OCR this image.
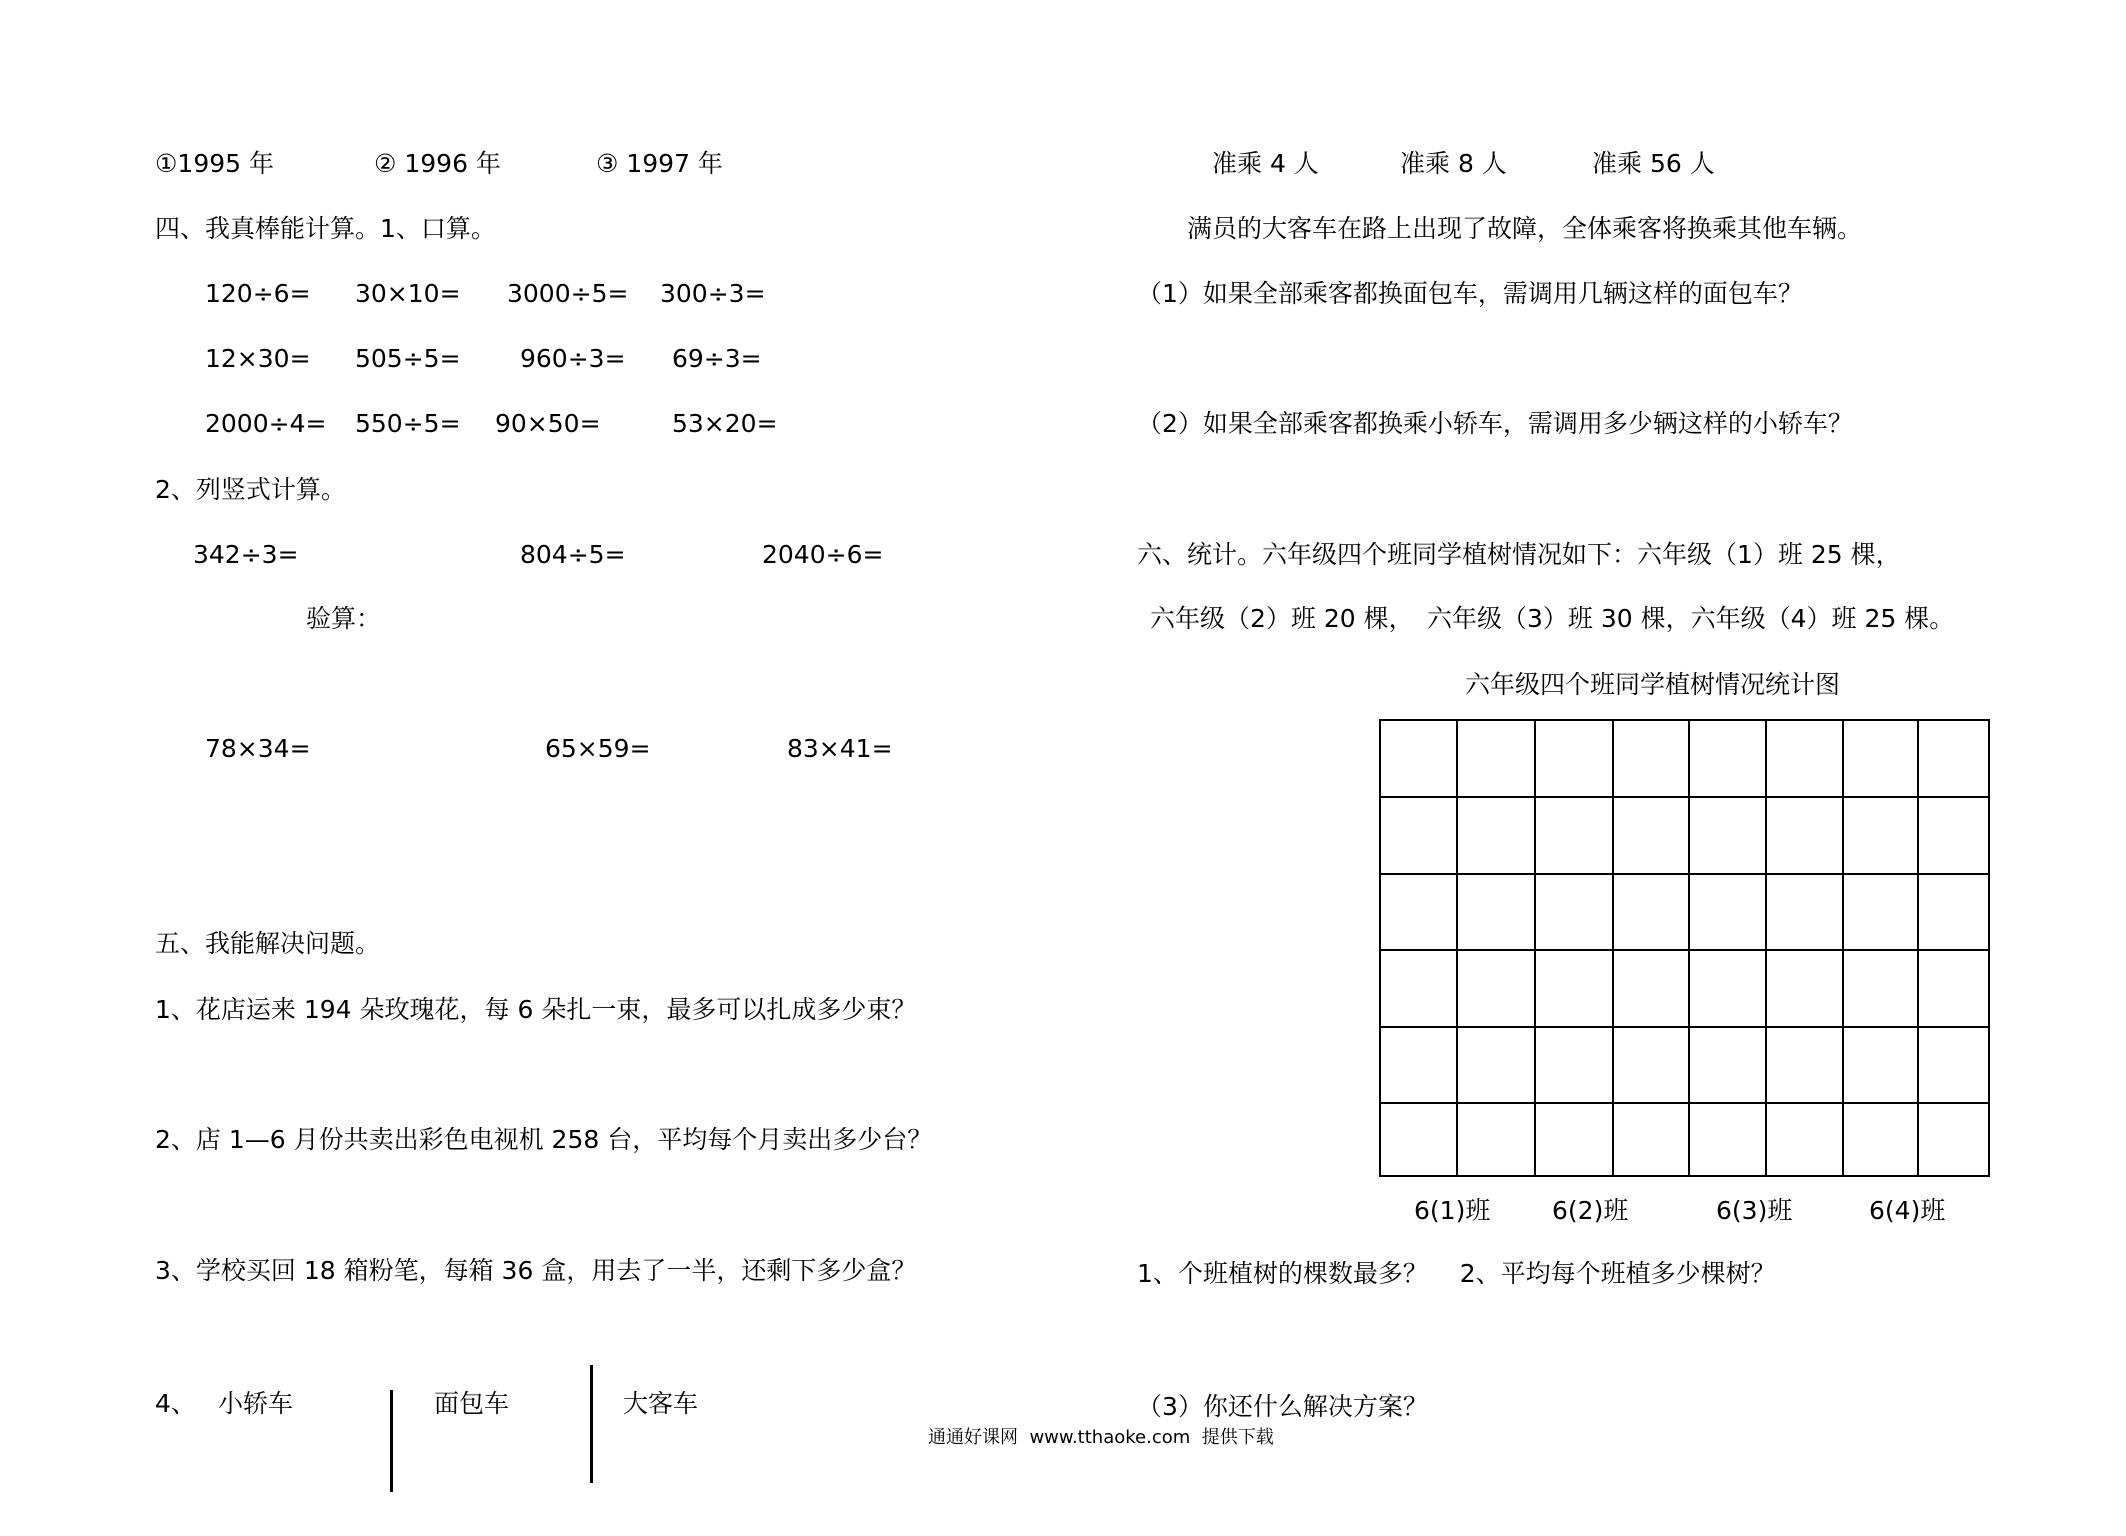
①1995 年	② 1996 年	③ 1997 年
四、我真棒能计算。1、口算。
120÷6= 30×10= 3000÷5= 300÷3=
12×30= 505÷5= 960÷3= 69÷3=
2000÷4= 550÷5= 90×50=	53×20=
2、列竖式计算。
342÷3=	804÷5=	2040÷6=
验算：
78×34=	65×59=	83×41=
五、我能解决问题。
1、花店运来 194 朵玫瑰花，每 6 朵扎一束，最多可以扎成多少束？
2、店 1—6 月份共卖出彩色电视机 258 台，平均每个月卖出多少台？
3、学校买回 18 箱粉笔，每箱 36 盒，用去了一半，还剩下多少盒？
4、 小轿车	面包车	大客车
准乘 4 人	准乘 8 人	准乘 56 人
满员的大客车在路上出现了故障，全体乘客将换乘其他车辆。
（1）如果全部乘客都换面包车，需调用几辆这样的面包车？
（2）如果全部乘客都换乘小轿车，需调用多少辆这样的小轿车？
六、统计。六年级四个班同学植树情况如下：六年级（1）班 25 棵，
六年级（2）班 20 棵， 六年级（3）班 30 棵，六年级（4）班 25 棵。
六年级四个班同学植树情况统计图
6(1)班 6(2)班	6(3)班	6(4)班
1、个班植树的棵数最多？    2、平均每个班植多少棵树？
（3）你还什么解决方案？
通通好课网  www.tthaoke.com  提供下载
